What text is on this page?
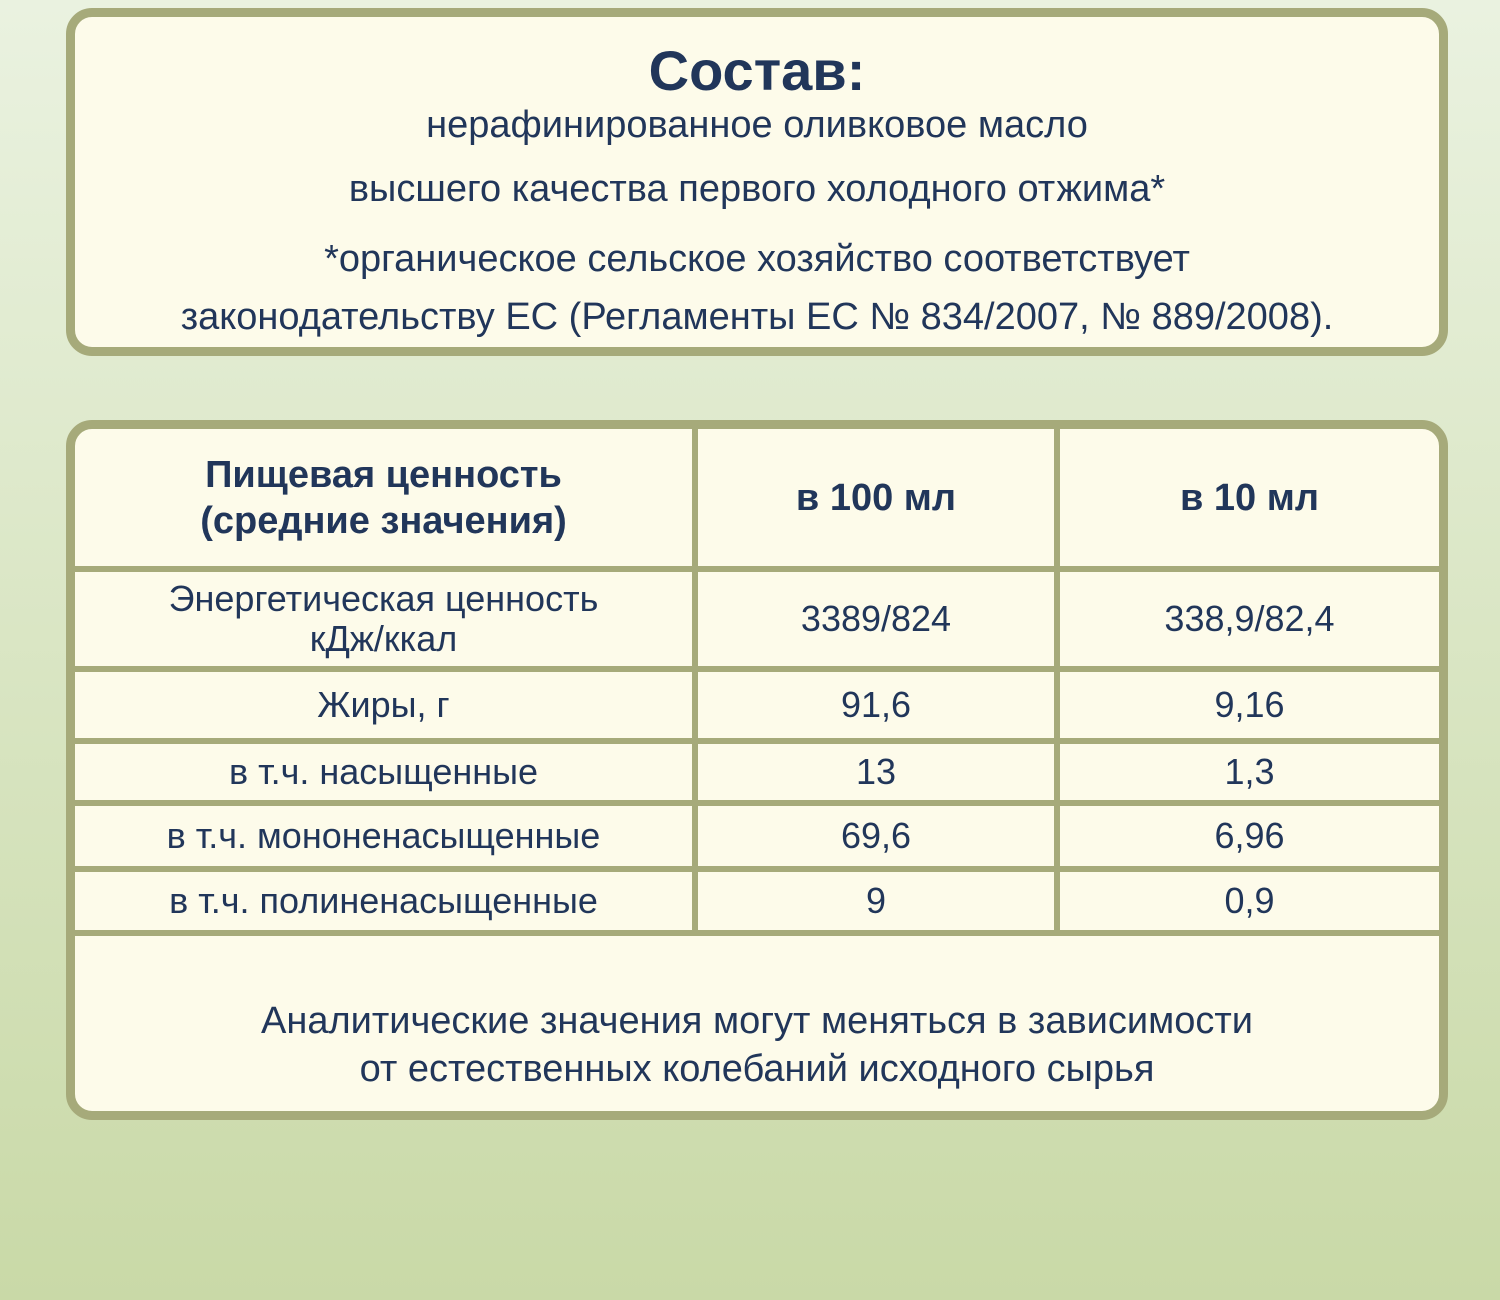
Состав:
нерафинированное оливковое масло
высшего качества первого холодного отжима*
*органическое сельское хозяйство соответствует
законодательству ЕС (Регламенты ЕС № 834/2007, № 889/2008).
Пищевая ценность
(средние значения)	в 100 мл	в 10 мл

Энергетическая ценность
кДж/ккал	3389/824	338,9/82,4
Жиры, г	91,6	9,16
в т.ч. насыщенные	13	1,3
в т.ч. мононенасыщенные	69,6	6,96
в т.ч. полиненасыщенные	9	0,9
Аналитические значения могут меняться в зависимости
от естественных колебаний исходного сырья
